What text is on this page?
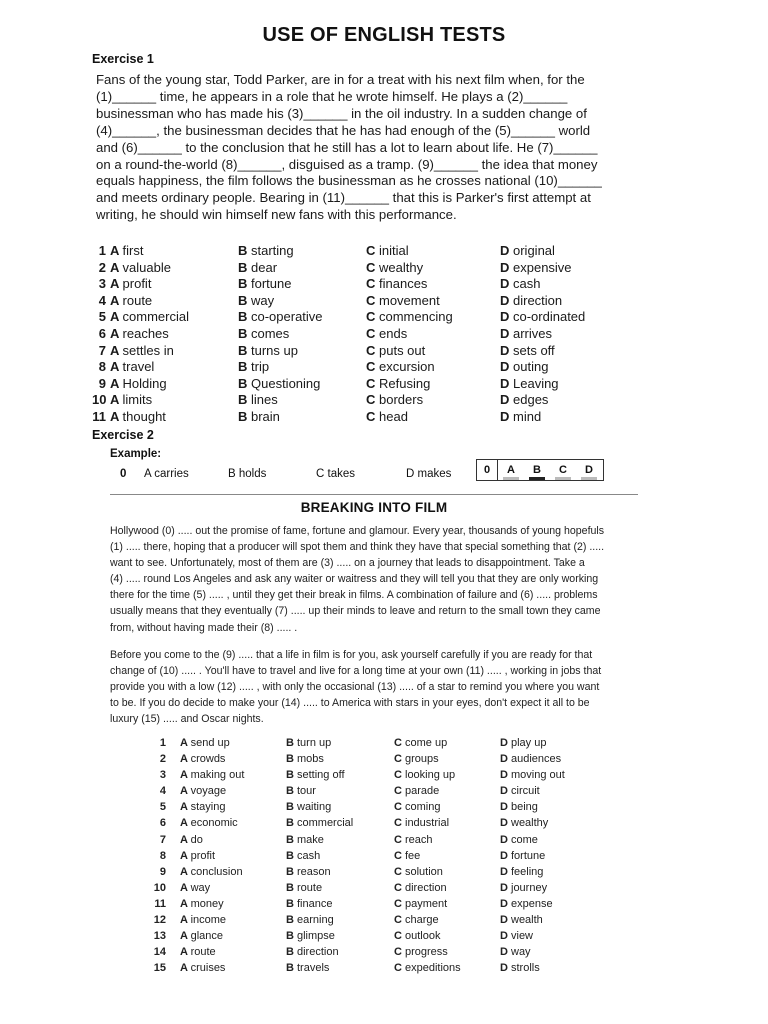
USE OF ENGLISH TESTS
Exercise 1

Fans of the young star, Todd Parker, are in for a treat with his next film when, for the

(1)______ time, he appears in a role that he wrote himself. He plays a (2)______

businessman who has made his (3)______ in the oil industry. In a sudden change of

(4)______, the businessman decides that he has had enough of the (5)______ world

and (6)______ to the conclusion that he still has a lot to learn about life. He (7)______

on a round-the-world (8)______, disguised as a tramp. (9)______ the idea that money

equals happiness, the film follows the businessman as he crosses national (10)______

and meets ordinary people. Bearing in (11)______ that this is Parker's first attempt at

writing, he should win himself new fans with this performance.

1 A first	B starting	C initial	D original
2 A valuable	B dear	C wealthy	D expensive
3 A profit	B fortune	C finances	D cash
4 A route	B way	C movement	D direction
5 A commercial	B co-operative	C commencing	D co-ordinated
6 A reaches	B comes	C ends	D arrives
7 A settles in	B turns up	C puts out	D sets off
8 A travel	B trip	C excursion	D outing
9 A Holding	B Questioning	C Refusing	D Leaving
10 A limits	B lines	C borders	D edges
11 A thought	B brain	C head	D mind
Exercise 2
Example:
0 A carries	B holds	C takes	D makes	0	A	B	C	D
BREAKING INTO FILM

Hollywood (0) ..... out the promise of fame, fortune and glamour. Every year, thousands of young hopefuls

(1) ..... there, hoping that a producer will spot them and think they have that special something that (2) .....

want to see. Unfortunately, most of them are (3) ..... on a journey that leads to disappointment. Take a

(4) ..... round Los Angeles and ask any waiter or waitress and they will tell you that they are only working

there for the time (5) ..... , until they get their break in films. A combination of failure and (6) ..... problems

usually means that they eventually (7) ..... up their minds to leave and return to the small town they came

from, without having made their (8) ..... .

Before you come to the (9) ..... that a life in film is for you, ask yourself carefully if you are ready for that

change of (10) ..... . You'll have to travel and live for a long time at your own (11) ..... , working in jobs that

provide you with a low (12) ..... , with only the occasional (13) ..... of a star to remind you where you want

to be. If you do decide to make your (14) ..... to America with stars in your eyes, don't expect it all to be

luxury (15) ..... and Oscar nights.

1 A send up	B turn up	C come up	D play up
2 A crowds	B mobs	C groups	D audiences
3 A making out	B setting off	C looking up	D moving out
4 A voyage	B tour	C parade	D circuit
5 A staying	B waiting	C coming	D being
6 A economic	B commercial	C industrial	D wealthy
7 A do	B make	C reach	D come
8 A profit	B cash	C fee	D fortune
9 A conclusion	B reason	C solution	D feeling
10 A way	B route	C direction	D journey
11 A money	B finance	C payment	D expense
12 A income	B earning	C charge	D wealth
13 A glance	B glimpse	C outlook	D view
14 A route	B direction	C progress	D way
15 A cruises	B travels	C expeditions	D strolls
